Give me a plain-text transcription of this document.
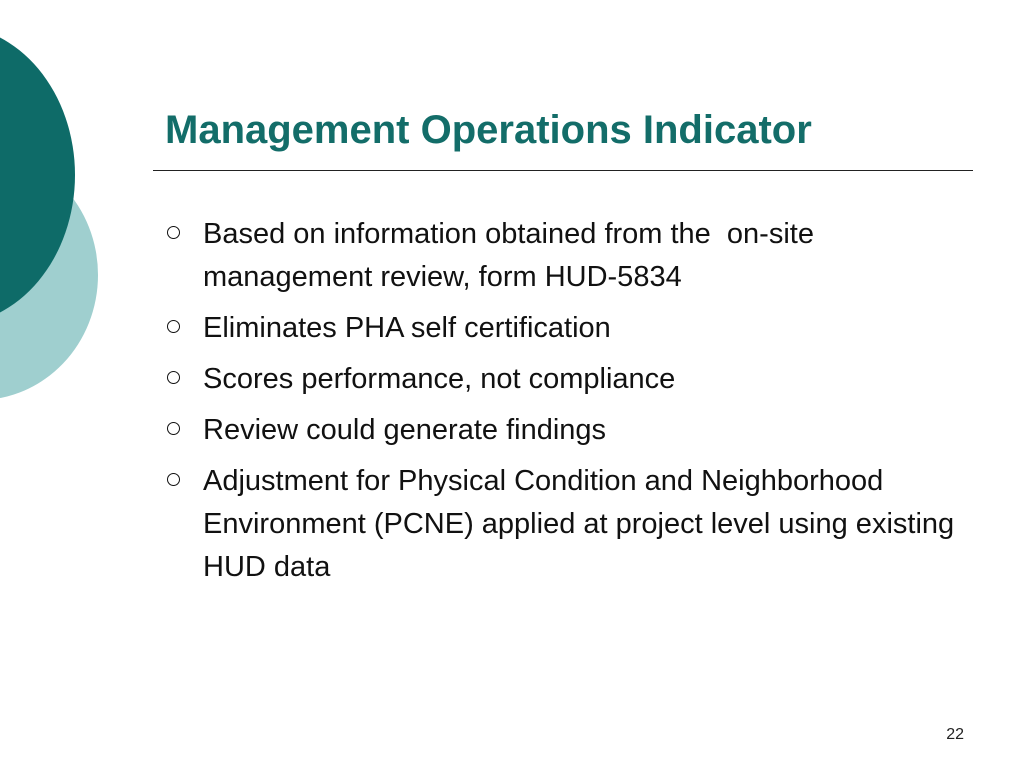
Management Operations Indicator
Based on information obtained from the  on-site management review, form HUD-5834
Eliminates PHA self certification
Scores performance, not compliance
Review could generate findings
Adjustment for Physical Condition and Neighborhood Environment (PCNE) applied at project level using existing HUD data
22
